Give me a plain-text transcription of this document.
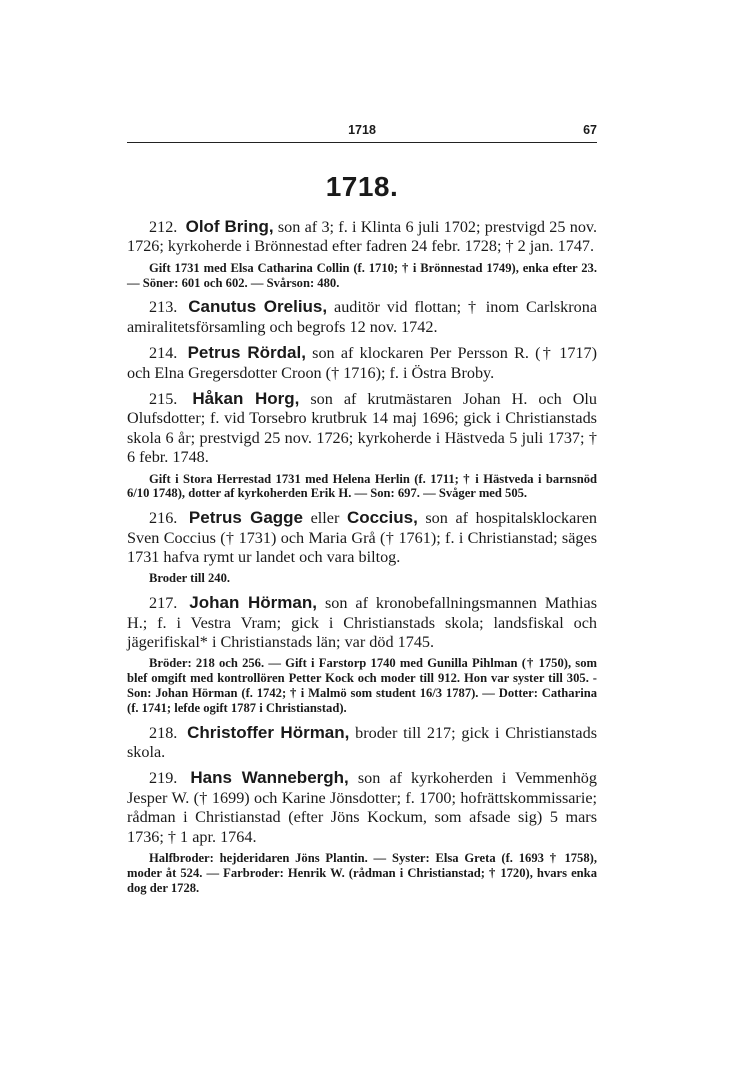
1718	67
1718.

212. Olof Bring, son af 3; f. i Klinta 6 juli 1702; prestvigd 25 nov. 1726; kyrkoherde i Brönnestad efter fadren 24 febr. 1728; † 2 jan. 1747.

Gift 1731 med Elsa Catharina Collin (f. 1710; † i Brönnestad 1749), enka efter 23. — Söner: 601 och 602. — Svårson: 480.

213. Canutus Orelius, auditör vid flottan; † inom Carlskrona amiralitetsförsamling och begrofs 12 nov. 1742.

214. Petrus Rördal, son af klockaren Per Persson R. († 1717) och Elna Gregersdotter Croon († 1716); f. i Östra Broby.

215. Håkan Horg, son af krutmästaren Johan H. och Olu Olufsdotter; f. vid Torsebro krutbruk 14 maj 1696; gick i Christianstads skola 6 år; prestvigd 25 nov. 1726; kyrkoherde i Hästveda 5 juli 1737; † 6 febr. 1748.

Gift i Stora Herrestad 1731 med Helena Herlin (f. 1711; † i Hästveda i barnsnöd 6/10 1748), dotter af kyrkoherden Erik H. — Son: 697. — Svåger med 505.

216. Petrus Gagge eller Coccius, son af hospitalsklockaren Sven Coccius († 1731) och Maria Grå († 1761); f. i Christianstad; säges 1731 hafva rymt ur landet och vara biltog.

Broder till 240.

217. Johan Hörman, son af kronobefallningsmannen Mathias H.; f. i Vestra Vram; gick i Christianstads skola; landsfiskal och jägerifiskal* i Christianstads län; var död 1745.

Bröder: 218 och 256. — Gift i Farstorp 1740 med Gunilla Pihlman († 1750), som blef omgift med kontrollören Petter Kock och moder till 912. Hon var syster till 305. - Son: Johan Hörman (f. 1742; † i Malmö som student 16/3 1787). — Dotter: Catharina (f. 1741; lefde ogift 1787 i Christianstad).

218. Christoffer Hörman, broder till 217; gick i Christianstads skola.

219. Hans Wannebergh, son af kyrkoherden i Vemmenhög Jesper W. († 1699) och Karine Jönsdotter; f. 1700; hofrättskommissarie; rådman i Christianstad (efter Jöns Kockum, som afsade sig) 5 mars 1736; † 1 apr. 1764.

Halfbroder: hejderidaren Jöns Plantin. — Syster: Elsa Greta (f. 1693 † 1758), moder åt 524. — Farbroder: Henrik W. (rådman i Christianstad; † 1720), hvars enka dog der 1728.
